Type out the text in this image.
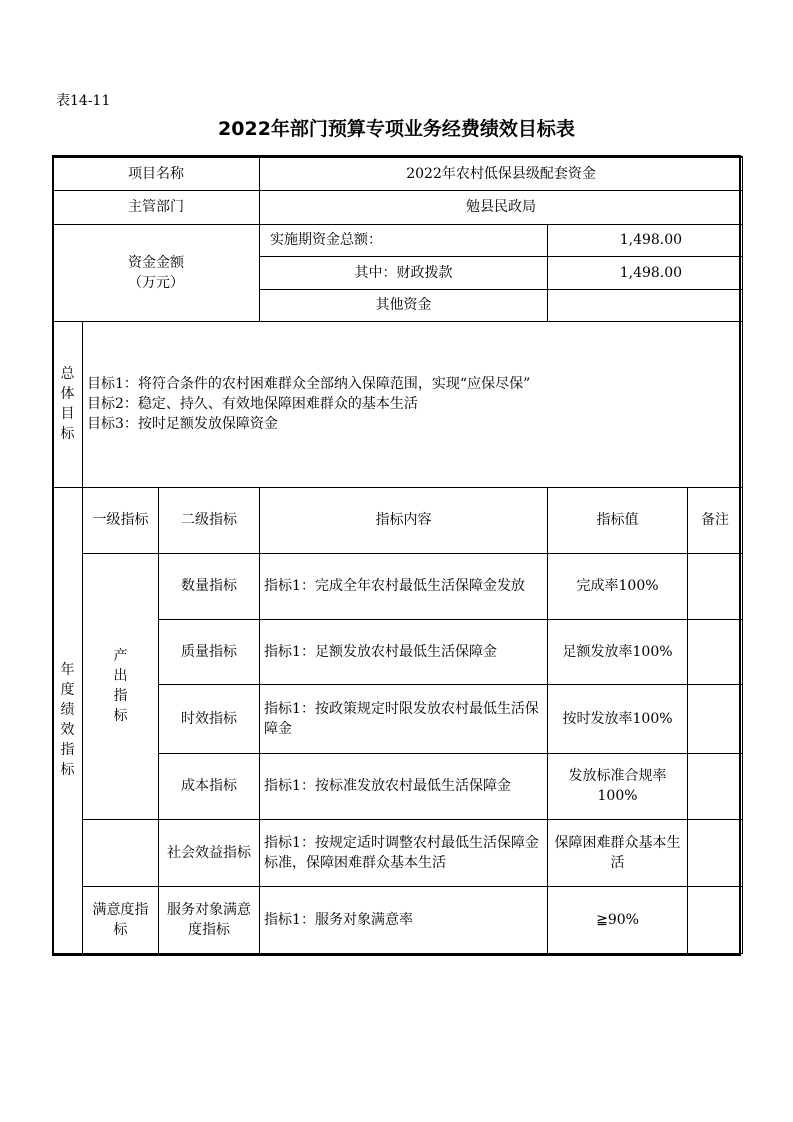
表14-11
2022年部门预算专项业务经费绩效目标表
项目名称			2022年农村低保县级配套资金		
主管部门			勉县民政局		
资金金额
（万元）			实施期资金总额：	1,498.00	
			其中：财政拨款	1,498.00	
			其他资金		

总体目标	目标1：将符合条件的农村困难群众全部纳入保障范围，实现“应保尽保”
目标2：稳定、持久、有效地保障困难群众的基本生活
目标3：按时足额发放保障资金				

年度绩效指标	一级指标	二级指标	指标内容	指标值	备注

	产出指标	数量指标	指标1：完成全年农村最低生活保障金发放	完成率100%	
		质量指标	指标1：足额发放农村最低生活保障金	足额发放率100%	
		时效指标	指标1：按政策规定时限发放农村最低生活保障金	按时发放率100%	
		成本指标	指标1：按标准发放农村最低生活保障金	发放标准合规率100%	
		社会效益指标	指标1：按规定适时调整农村最低生活保障金标准，保障困难群众基本生活	保障困难群众基本生活	
	满意度指标	服务对象满意度指标	指标1：服务对象满意率	≧90%	
